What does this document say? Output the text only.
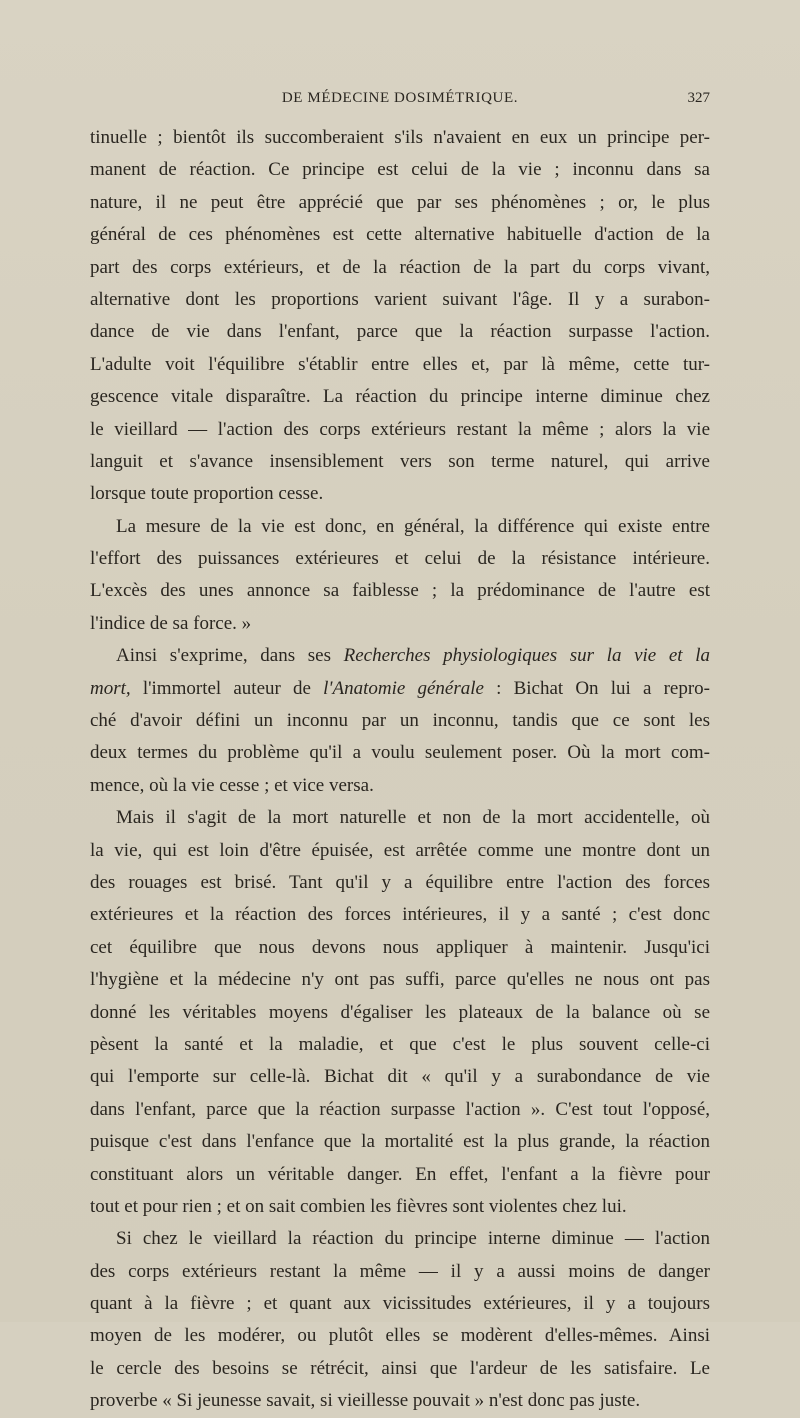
DE MÉDECINE DOSIMÉTRIQUE.	327
tinuelle ; bientôt ils succomberaient s'ils n'avaient en eux un principe per-
manent de réaction. Ce principe est celui de la vie ; inconnu dans sa
nature, il ne peut être apprécié que par ses phénomènes ; or, le plus
général de ces phénomènes est cette alternative habituelle d'action de la
part des corps extérieurs, et de la réaction de la part du corps vivant,
alternative dont les proportions varient suivant l'âge. Il y a surabon-
dance de vie dans l'enfant, parce que la réaction surpasse l'action.
L'adulte voit l'équilibre s'établir entre elles et, par là même, cette tur-
gescence vitale disparaître. La réaction du principe interne diminue chez
le vieillard — l'action des corps extérieurs restant la même ; alors la vie
languit et s'avance insensiblement vers son terme naturel, qui arrive
lorsque toute proportion cesse.
La mesure de la vie est donc, en général, la différence qui existe entre
l'effort des puissances extérieures et celui de la résistance intérieure.
L'excès des unes annonce sa faiblesse ; la prédominance de l'autre est
l'indice de sa force. »
Ainsi s'exprime, dans ses Recherches physiologiques sur la vie et la
mort, l'immortel auteur de l'Anatomie générale : Bichat On lui a repro-
ché d'avoir défini un inconnu par un inconnu, tandis que ce sont les
deux termes du problème qu'il a voulu seulement poser. Où la mort com-
mence, où la vie cesse ; et vice versa.
Mais il s'agit de la mort naturelle et non de la mort accidentelle, où
la vie, qui est loin d'être épuisée, est arrêtée comme une montre dont un
des rouages est brisé. Tant qu'il y a équilibre entre l'action des forces
extérieures et la réaction des forces intérieures, il y a santé ; c'est donc
cet équilibre que nous devons nous appliquer à maintenir. Jusqu'ici
l'hygiène et la médecine n'y ont pas suffi, parce qu'elles ne nous ont pas
donné les véritables moyens d'égaliser les plateaux de la balance où se
pèsent la santé et la maladie, et que c'est le plus souvent celle-ci
qui l'emporte sur celle-là. Bichat dit « qu'il y a surabondance de vie
dans l'enfant, parce que la réaction surpasse l'action ». C'est tout l'opposé,
puisque c'est dans l'enfance que la mortalité est la plus grande, la réaction
constituant alors un véritable danger. En effet, l'enfant a la fièvre pour
tout et pour rien ; et on sait combien les fièvres sont violentes chez lui.
Si chez le vieillard la réaction du principe interne diminue — l'action
des corps extérieurs restant la même — il y a aussi moins de danger
quant à la fièvre ; et quant aux vicissitudes extérieures, il y a toujours
moyen de les modérer, ou plutôt elles se modèrent d'elles-mêmes. Ainsi
le cercle des besoins se rétrécit, ainsi que l'ardeur de les satisfaire. Le
proverbe « Si jeunesse savait, si vieillesse pouvait » n'est donc pas juste.
